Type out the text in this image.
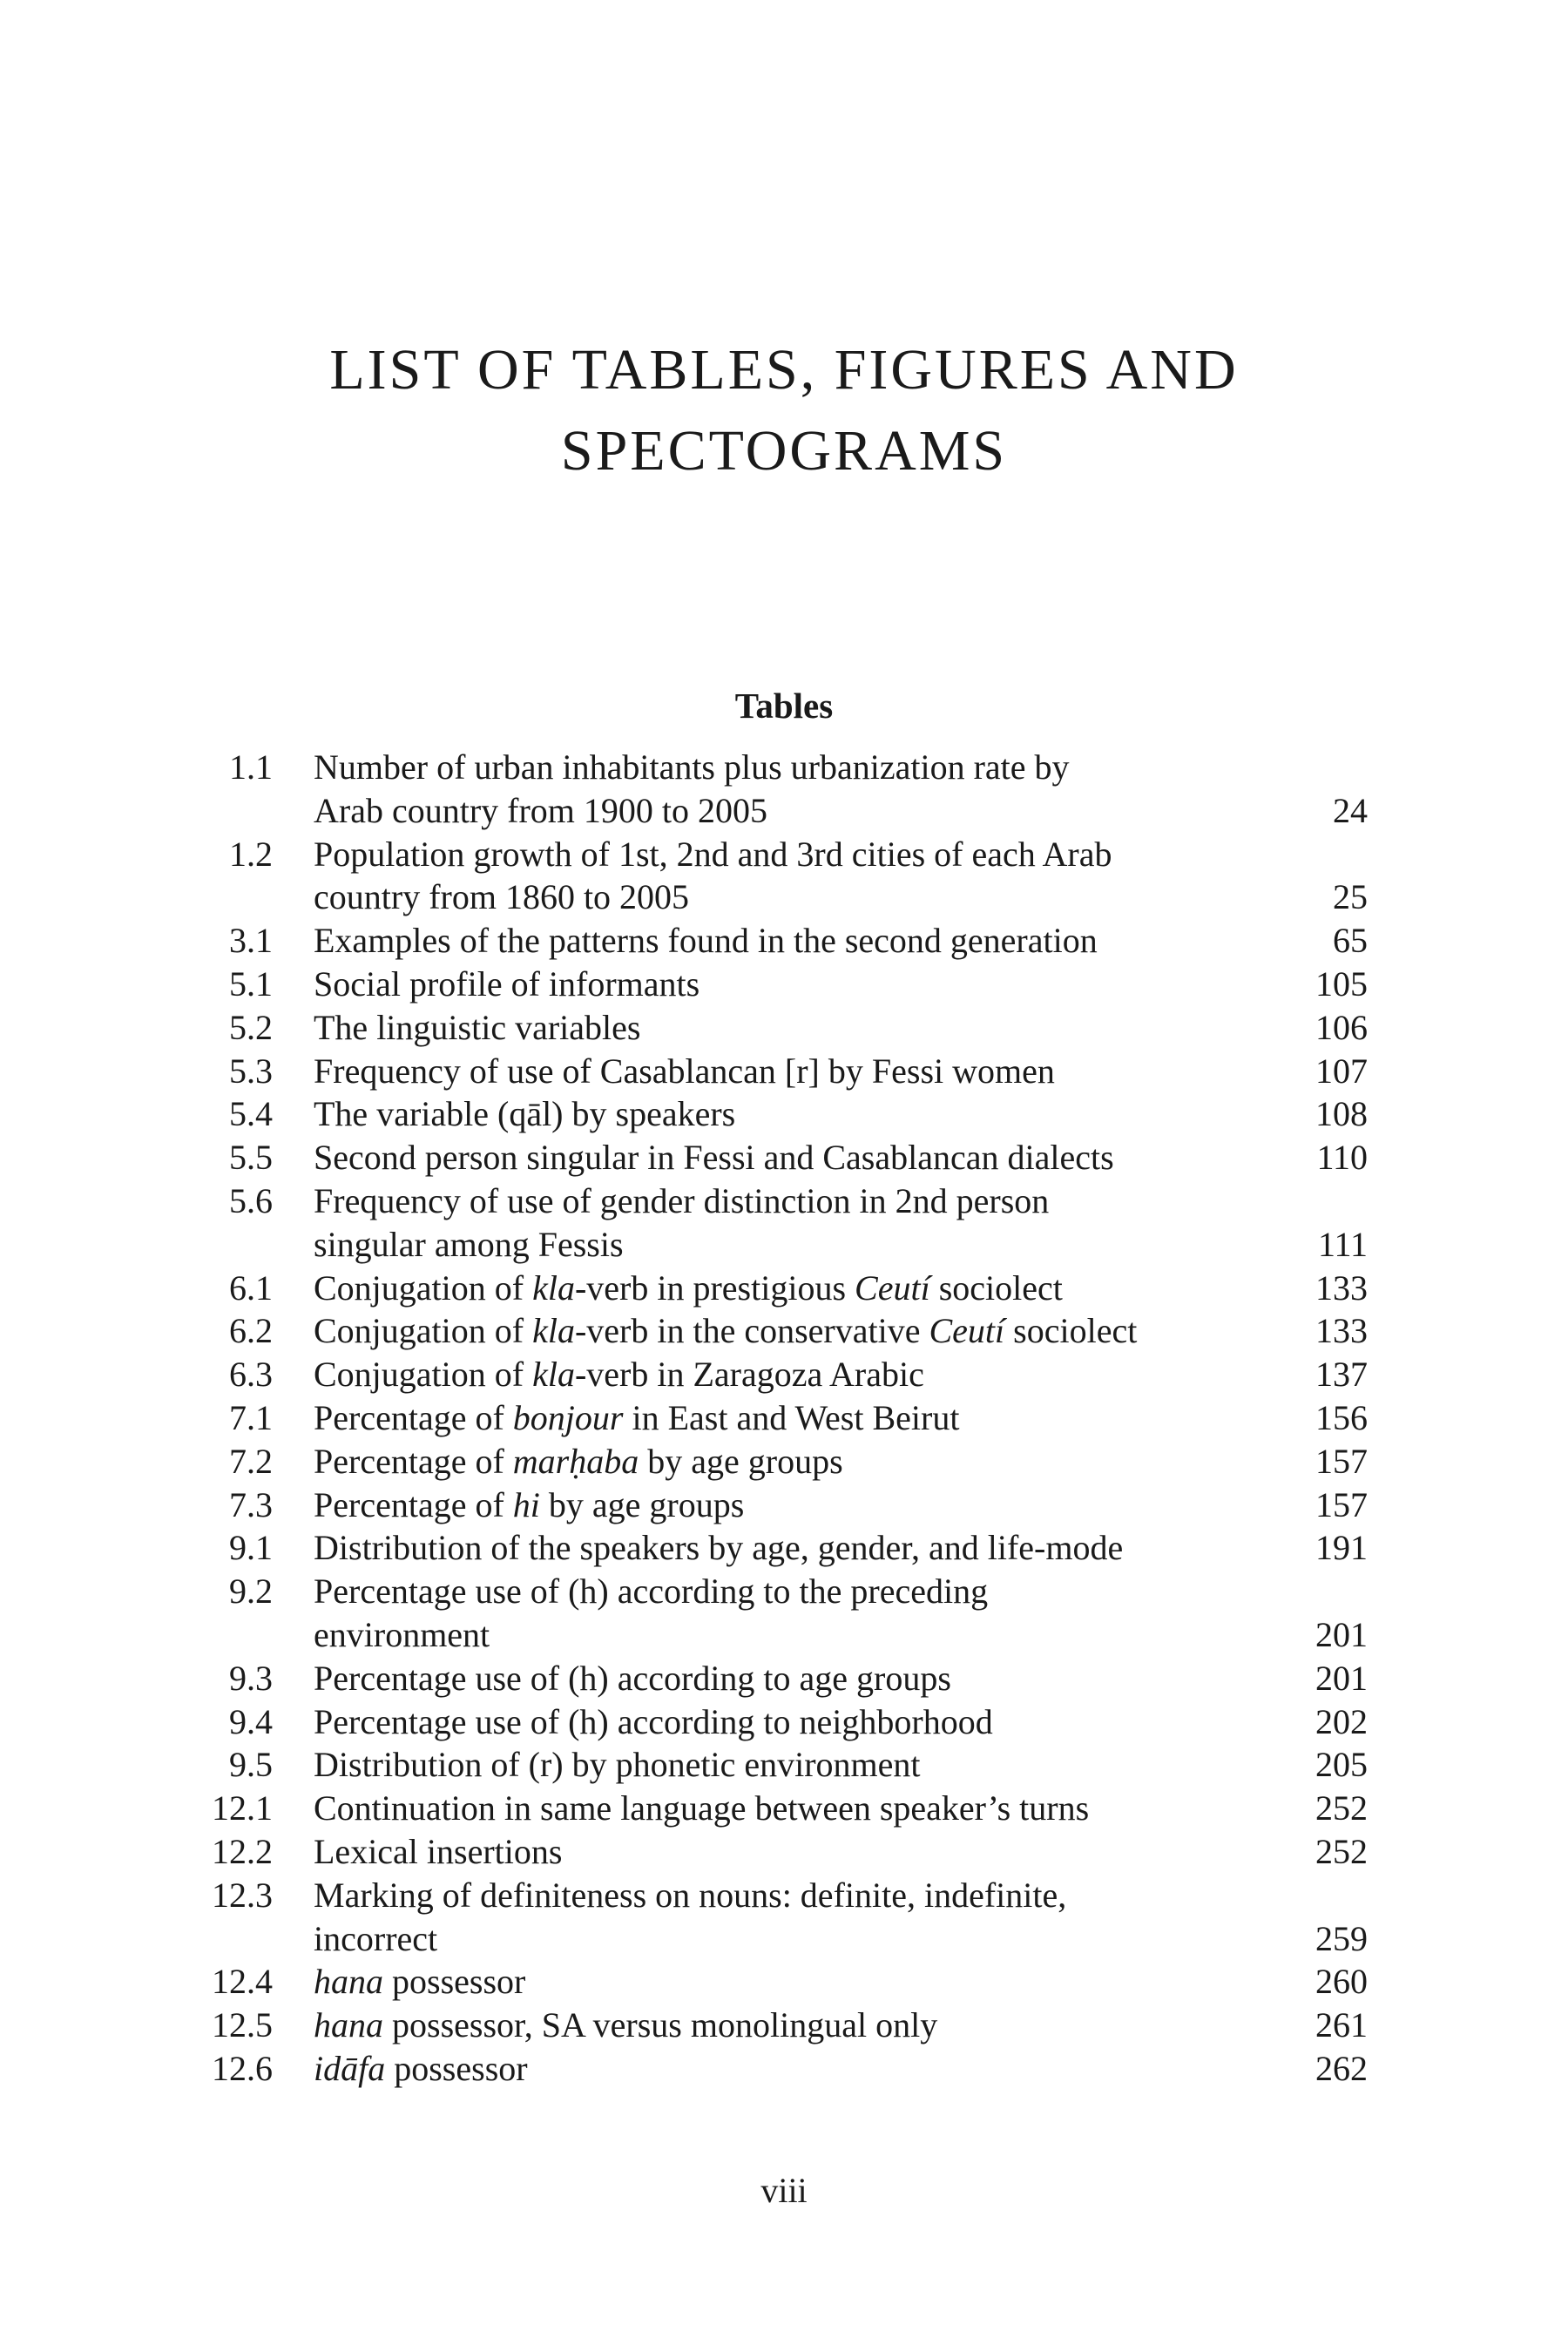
LIST OF TABLES, FIGURES AND
SPECTOGRAMS
Tables
1.1 Number of urban inhabitants plus urbanization rate by
Arab country from 1900 to 2005	24
1.2 Population growth of 1st, 2nd and 3rd cities of each Arab
country from 1860 to 2005	25
3.1 Examples of the patterns found in the second generation	65
5.1 Social profile of informants	105
5.2 The linguistic variables	106
5.3 Frequency of use of Casablancan [r] by Fessi women	107
5.4 The variable (qāl) by speakers	108
5.5 Second person singular in Fessi and Casablancan dialects	110
5.6 Frequency of use of gender distinction in 2nd person
singular among Fessis	111
6.1 Conjugation of kla-verb in prestigious Ceutí sociolect	133
6.2 Conjugation of kla-verb in the conservative Ceutí sociolect	133
6.3 Conjugation of kla-verb in Zaragoza Arabic	137
7.1 Percentage of bonjour in East and West Beirut	156
7.2 Percentage of marḥaba by age groups	157
7.3 Percentage of hi by age groups	157
9.1 Distribution of the speakers by age, gender, and life-mode	191
9.2 Percentage use of (h) according to the preceding
environment	201
9.3 Percentage use of (h) according to age groups	201
9.4 Percentage use of (h) according to neighborhood	202
9.5 Distribution of (r) by phonetic environment	205
12.1 Continuation in same language between speaker’s turns	252
12.2 Lexical insertions	252
12.3 Marking of definiteness on nouns: definite, indefinite,
incorrect	259
12.4 hana possessor	260
12.5 hana possessor, SA versus monolingual only	261
12.6 idāfa possessor	262
viii
